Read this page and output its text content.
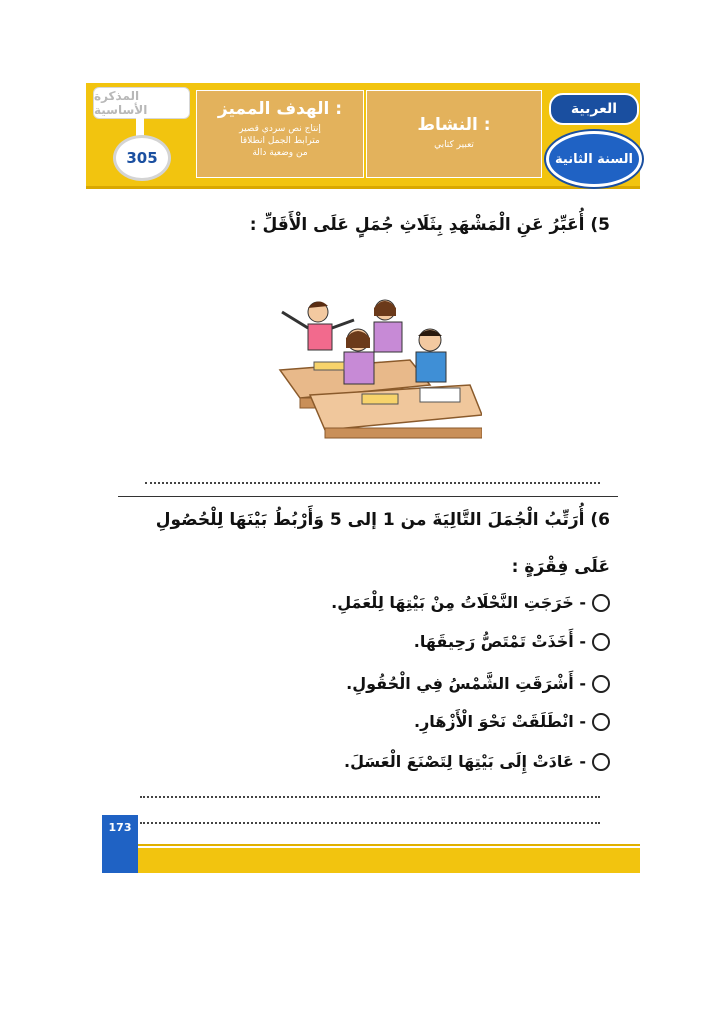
المذكرة الأساسية
305
الهدف المميز :
إنتاج نص سردي قصير
مترابط الجمل انطلاقا
من وضعية دالة
النشاط :
تعبير كتابي
العربية
السنة الثانية
5) أُعَبِّرُ عَنِ الْمَشْهَدِ بِثَلَاثِ جُمَلٍ عَلَى الْأَقَلِّ :
6) أُرَتِّبُ الْجُمَلَ التَّالِيَةَ من 1 إلى 5 وَأَرْبُطُ بَيْنَهَا لِلْحُصُولِ
عَلَى فِقْرَةٍ :
- خَرَجَتِ النَّحْلَاتُ مِنْ بَيْتِهَا لِلْعَمَلِ.
- أَخَذَتْ تَمْتَصُّ رَحِيقَهَا.
- أَشْرَقَتِ الشَّمْسُ فِي الْحُقُولِ.
- انْطَلَقَتْ نَحْوَ الْأَزْهَارِ.
- عَادَتْ إِلَى بَيْتِهَا لِتَصْنَعَ الْعَسَلَ.
173
